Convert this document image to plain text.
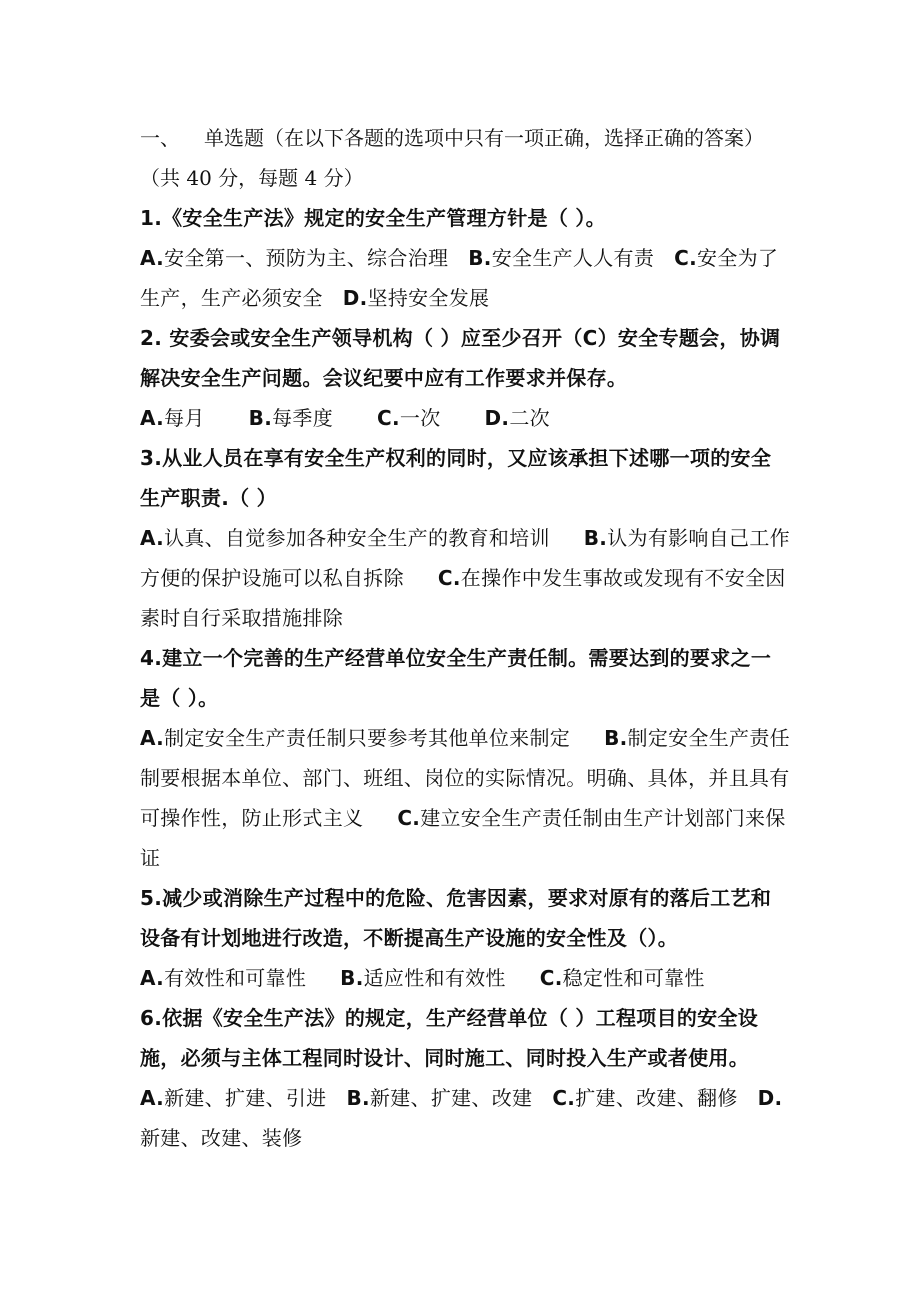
一、 单选题（在以下各题的选项中只有一项正确，选择正确的答案）

（共 40 分，每题 4 分）

1.《安全生产法》规定的安全生产管理方针是（ ）。

A.安全第一、预防为主、综合治理 B.安全生产人人有责 C.安全为了生产，生产必须安全 D.坚持安全发展

2. 安委会或安全生产领导机构（ ）应至少召开（C）安全专题会，协调解决安全生产问题。会议纪要中应有工作要求并保存。

A.每月 B.每季度 C.一次 D.二次

3.从业人员在享有安全生产权利的同时，又应该承担下述哪一项的安全生产职责.（ ）

A.认真、自觉参加各种安全生产的教育和培训 B.认为有影响自己工作方便的保护设施可以私自拆除 C.在操作中发生事故或发现有不安全因素时自行采取措施排除

4.建立一个完善的生产经营单位安全生产责任制。需要达到的要求之一是（ ）。

A.制定安全生产责任制只要参考其他单位来制定 B.制定安全生产责任制要根据本单位、部门、班组、岗位的实际情况。明确、具体，并且具有可操作性，防止形式主义 C.建立安全生产责任制由生产计划部门来保证

5.减少或消除生产过程中的危险、危害因素，要求对原有的落后工艺和设备有计划地进行改造，不断提高生产设施的安全性及（）。

A.有效性和可靠性 B.适应性和有效性 C.稳定性和可靠性

6.依据《安全生产法》的规定，生产经营单位（ ）工程项目的安全设施，必须与主体工程同时设计、同时施工、同时投入生产或者使用。

A.新建、扩建、引进 B.新建、扩建、改建 C.扩建、改建、翻修 D.新建、改建、装修
